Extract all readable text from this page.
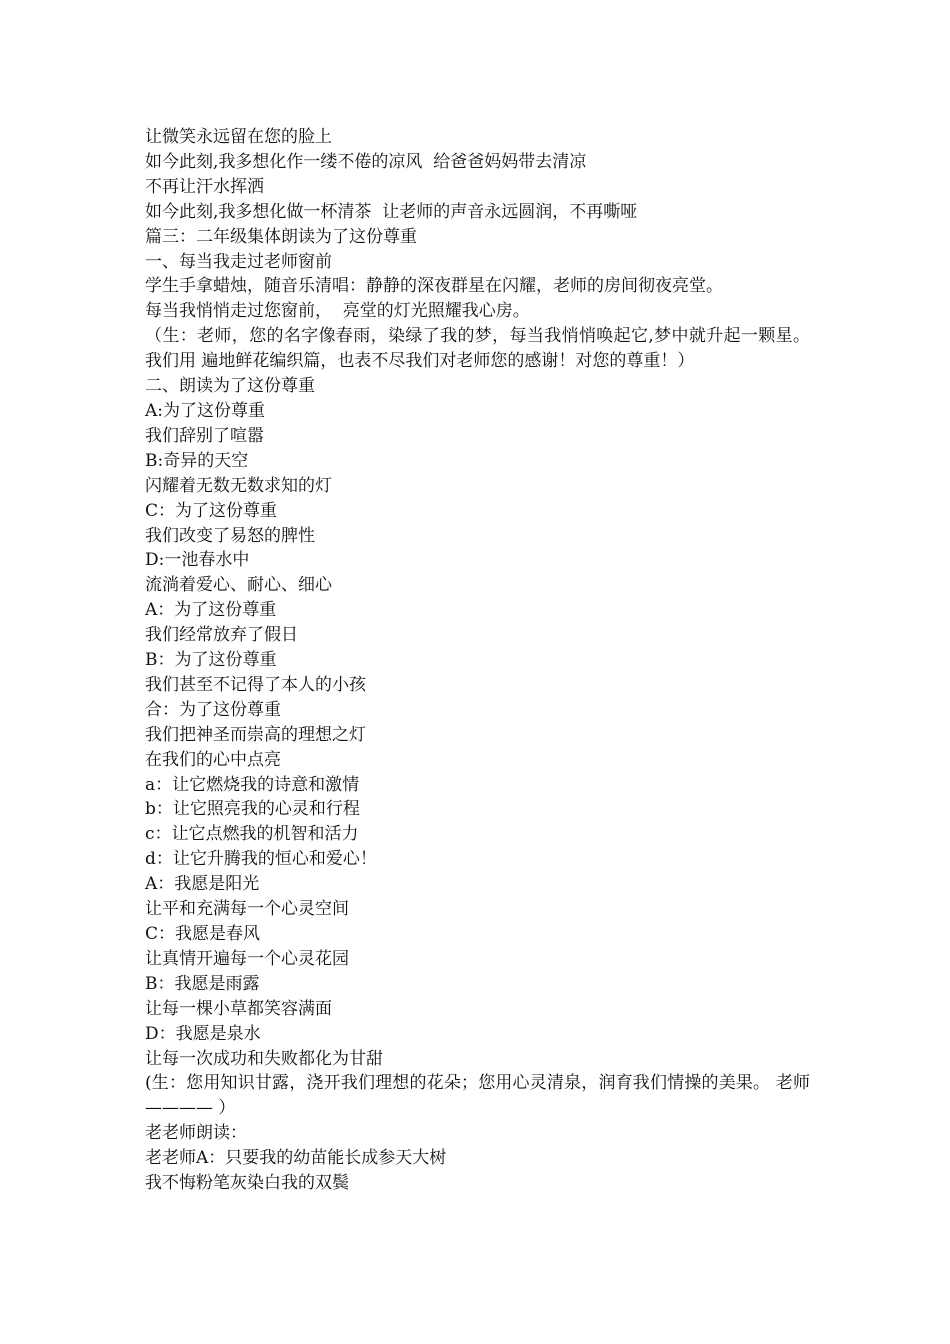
让微笑永远留在您的脸上

如今此刻,我多想化作一缕不倦的凉风  给爸爸妈妈带去清凉

不再让汗水挥洒

如今此刻,我多想化做一杯清茶  让老师的声音永远圆润，不再嘶哑

篇三：二年级集体朗读为了这份尊重

一、每当我走过老师窗前

学生手拿蜡烛，随音乐清唱：静静的深夜群星在闪耀，老师的房间彻夜亮堂。

每当我悄悄走过您窗前，  亮堂的灯光照耀我心房。

（生：老师，您的名字像春雨，染绿了我的梦，每当我悄悄唤起它,梦中就升起一颗星。我们用 遍地鲜花编织篇，也表不尽我们对老师您的感谢！对您的尊重！）

二、朗读为了这份尊重

A:为了这份尊重

我们辞别了喧嚣

B:奇异的天空

闪耀着无数无数求知的灯

C：为了这份尊重

我们改变了易怒的脾性

D:一池春水中

流淌着爱心、耐心、细心

A：为了这份尊重

我们经常放弃了假日

B：为了这份尊重

我们甚至不记得了本人的小孩

合：为了这份尊重

我们把神圣而崇高的理想之灯

在我们的心中点亮

a：让它燃烧我的诗意和激情

b：让它照亮我的心灵和行程

c：让它点燃我的机智和活力

d：让它升腾我的恒心和爱心！

A：我愿是阳光

让平和充满每一个心灵空间

C：我愿是春风

让真情开遍每一个心灵花园

B：我愿是雨露

让每一棵小草都笑容满面

D：我愿是泉水

让每一次成功和失败都化为甘甜

(生：您用知识甘露，浇开我们理想的花朵；您用心灵清泉，润育我们情操的美果。 老师———— ）

老老师朗读：

老老师A：只要我的幼苗能长成参天大树

我不悔粉笔灰染白我的双鬓
